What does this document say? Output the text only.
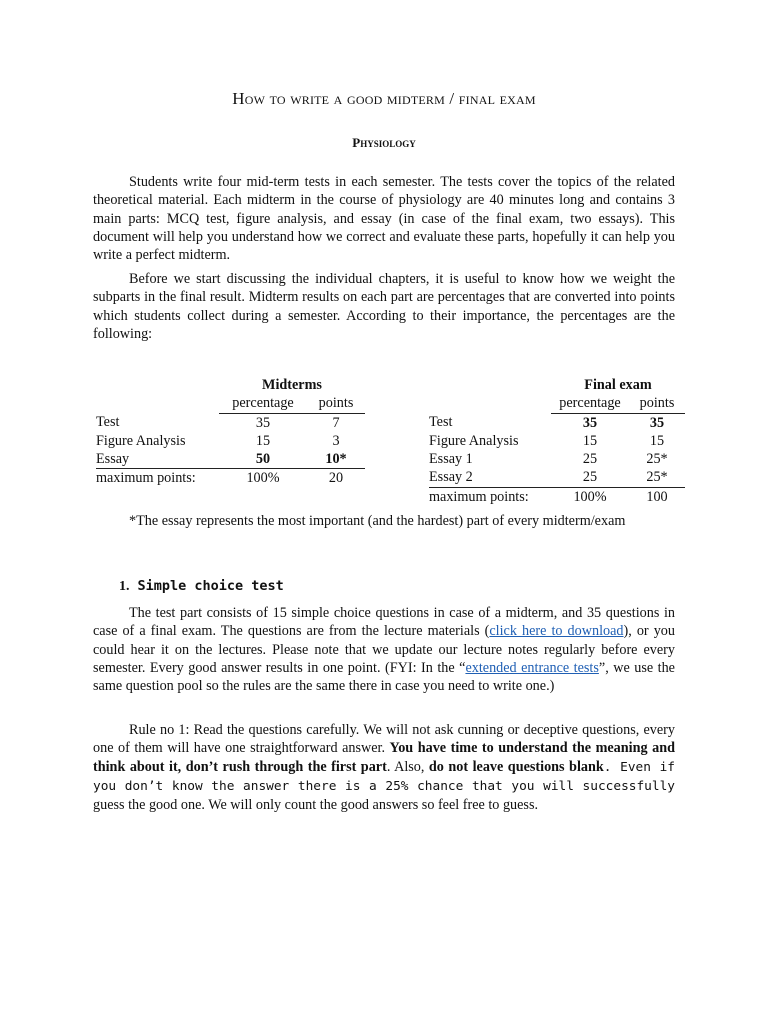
How to write a good midterm / final exam
Physiology

Students write four mid-term tests in each semester. The tests cover the topics of the related theoretical material. Each midterm in the course of physiology are 40 minutes long and contains 3 main parts: MCQ test, figure analysis, and essay (in case of the final exam, two essays). This document will help you understand how we correct and evaluate these parts, hopefully it can help you write a perfect midterm.

Before we start discussing the individual chapters, it is useful to know how we weight the subparts in the final result. Midterm results on each part are percentages that are converted into points which students collect during a semester. According to their importance, the percentages are the following:

	Midterms	
	percentage	points
Test	35	7
Figure Analysis	15	3
Essay	50	10*
maximum points:	100%	20
	Final exam	
	percentage	points
Test	35	35
Figure Analysis	15	15
Essay 1	25	25*
Essay 2	25	25*
maximum points:	100%	100

*The essay represents the most important (and the hardest) part of every midterm/exam

1. Simple choice test

The test part consists of 15 simple choice questions in case of a midterm, and 35 questions in case of a final exam. The questions are from the lecture materials (click here to download), or you could hear it on the lectures. Please note that we update our lecture notes regularly before every semester. Every good answer results in one point. (FYI: In the “extended entrance tests”, we use the same question pool so the rules are the same there in case you need to write one.)

Rule no 1: Read the questions carefully. We will not ask cunning or deceptive questions, every one of them will have one straightforward answer. You have time to understand the meaning and think about it, don’t rush through the first part. Also, do not leave questions blank. Even if you don’t know the answer there is a 25% chance that you will successfully guess the good one. We will only count the good answers so feel free to guess.
